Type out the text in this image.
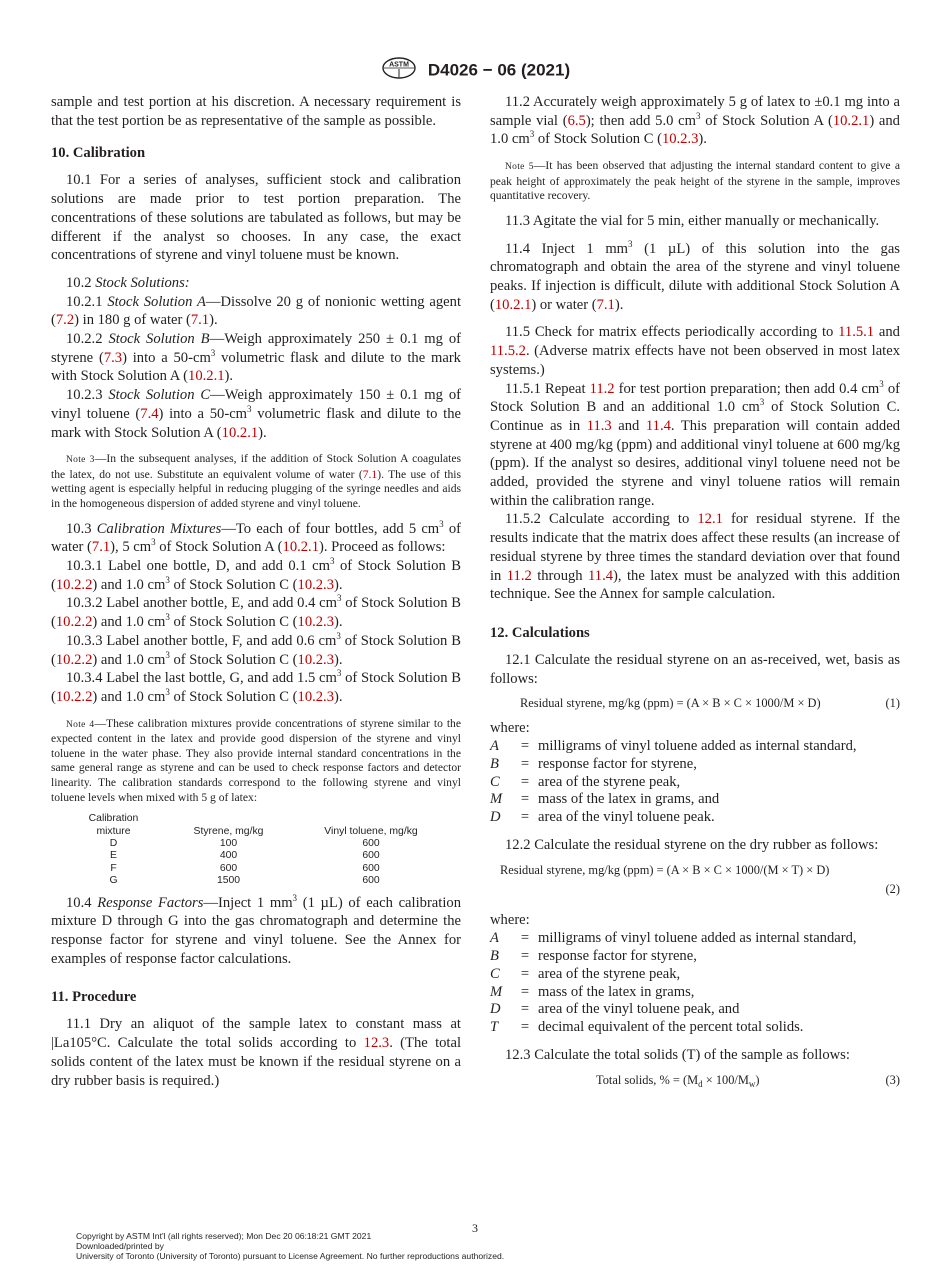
ASTM D4026 − 06 (2021)

sample and test portion at his discretion. A necessary requirement is that the test portion be as representative of the sample as possible.

10. Calibration

10.1 For a series of analyses, sufficient stock and calibration solutions are made prior to test portion preparation. The concentrations of these solutions are tabulated as follows, but may be different if the analyst so chooses. In any case, the exact concentrations of styrene and vinyl toluene must be known.

10.2 Stock Solutions:

10.2.1 Stock Solution A—Dissolve 20 g of nonionic wetting agent (7.2) in 180 g of water (7.1).

10.2.2 Stock Solution B—Weigh approximately 250 ± 0.1 mg of styrene (7.3) into a $50-cm^3$ volumetric flask and dilute to the mark with Stock Solution A (10.2.1).

10.2.3 Stock Solution C—Weigh approximately 150 ± 0.1 mg of vinyl toluene (7.4) into a $50-cm^3$ volumetric flask and dilute to the mark with Stock Solution A (10.2.1).

Note 3—In the subsequent analyses, if the addition of Stock Solution A coagulates the latex, do not use. Substitute an equivalent volume of water (7.1). The use of this wetting agent is especially helpful in reducing plugging of the syringe needles and aids in the homogeneous dispersion of added styrene and vinyl toluene.

10.3 Calibration Mixtures—To each of four bottles, add 5 $cm^3$ of water (7.1), 5 $cm^3$ of Stock Solution A (10.2.1). Proceed as follows:

10.3.1 Label one bottle, D, and add 0.1 $cm^3$ of Stock Solution B (10.2.2) and 1.0 $cm^3$ of Stock Solution C (10.2.3).

10.3.2 Label another bottle, E, and add 0.4 $cm^3$ of Stock Solution B (10.2.2) and 1.0 $cm^3$ of Stock Solution C (10.2.3).

10.3.3 Label another bottle, F, and add 0.6 $cm^3$ of Stock Solution B (10.2.2) and 1.0 $cm^3$ of Stock Solution C (10.2.3).

10.3.4 Label the last bottle, G, and add 1.5 $cm^3$ of Stock Solution B (10.2.2) and 1.0 $cm^3$ of Stock Solution C (10.2.3).

Note 4—These calibration mixtures provide concentrations of styrene similar to the expected content in the latex and provide good dispersion of the styrene and vinyl toluene in the water phase. They also provide internal standard concentrations in the same general range as styrene and can be used to check response factors and detector linearity. The calibration standards correspond to the following styrene and vinyl toluene levels when mixed with 5 g of latex:

Calibration
mixture	Styrene, mg/kg	Vinyl toluene, mg/kg
D	100	600
E	400	600
F	600	600
G	1500	600

10.4 Response Factors—Inject 1 $mm^3$ (1 µL) of each calibration mixture D through G into the gas chromatograph and determine the response factor for styrene and vinyl toluene. See the Annex for examples of response factor calculations.

11. Procedure

11.1 Dry an aliquot of the sample latex to constant mass at |La105°C. Calculate the total solids according to 12.3. (The total solids content of the latex must be known if the residual styrene on a dry rubber basis is required.)

11.2 Accurately weigh approximately 5 g of latex to ±0.1 mg into a sample vial (6.5); then add 5.0 $cm^3$ of Stock Solution A (10.2.1) and 1.0 $cm^3$ of Stock Solution C (10.2.3).

Note 5—It has been observed that adjusting the internal standard content to give a peak height of approximately the peak height of the styrene in the sample, improves quantitative recovery.

11.3 Agitate the vial for 5 min, either manually or mechanically.

11.4 Inject 1 $mm^3$ (1 µL) of this solution into the gas chromatograph and obtain the area of the styrene and vinyl toluene peaks. If injection is difficult, dilute with additional Stock Solution A (10.2.1) or water (7.1).

11.5 Check for matrix effects periodically according to 11.5.1 and 11.5.2. (Adverse matrix effects have not been observed in most latex systems.)

11.5.1 Repeat 11.2 for test portion preparation; then add 0.4 $cm^3$ of Stock Solution B and an additional 1.0 $cm^3$ of Stock Solution C. Continue as in 11.3 and 11.4. This preparation will contain added styrene at 400 mg/kg (ppm) and additional vinyl toluene at 600 mg/kg (ppm). If the analyst so desires, additional vinyl toluene need not be added, provided the styrene and vinyl toluene ratios will remain within the calibration range.

11.5.2 Calculate according to 12.1 for residual styrene. If the results indicate that the matrix does affect these results (an increase of residual styrene by three times the standard deviation over that found in 11.2 through 11.4), the latex must be analyzed with this addition technique. See the Annex for sample calculation.

12. Calculations

12.1 Calculate the residual styrene on an as-received, wet, basis as follows:

Residual styrene, mg/kg (ppm) = (A × B × C × 1000/M × D)	(1)

where:

A	=	milligrams of vinyl toluene added as internal standard,
B	=	response factor for styrene,
C	=	area of the styrene peak,
M	=	mass of the latex in grams, and
D	=	area of the vinyl toluene peak.

12.2 Calculate the residual styrene on the dry rubber as follows:

Residual styrene, mg/kg (ppm) = (A × B × C × 1000/(M × T) × D)
(2)

where:

A	=	milligrams of vinyl toluene added as internal standard,
B	=	response factor for styrene,
C	=	area of the styrene peak,
M	=	mass of the latex in grams,
D	=	area of the vinyl toluene peak, and
T	=	decimal equivalent of the percent total solids.

12.3 Calculate the total solids (T) of the sample as follows:

Total solids, % = $(M_d \times 100/M_w)$	(3)
3
Copyright by ASTM Int'l (all rights reserved); Mon Dec 20 06:18:21 GMT 2021
Downloaded/printed by
University of Toronto (University of Toronto) pursuant to License Agreement. No further reproductions authorized.
